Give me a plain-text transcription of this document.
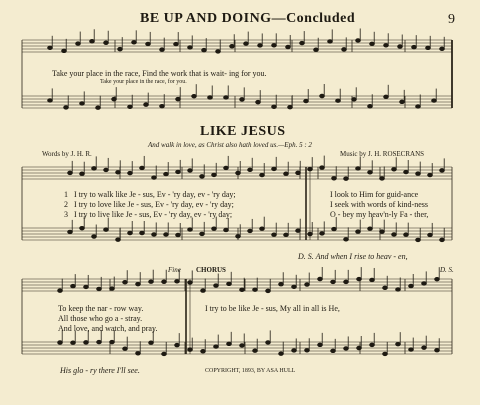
BE UP AND DOING—Concluded	9
Take your place in the race, Find the work that is wait- ing for you.
Take your place in the race, for you.
LIKE JESUS
And walk in love, as Christ also hath loved us.—Eph. 5 : 2
Words by J. H. R.	Music by J. H. ROSECRANS
1 I try to walk like Je - sus, Ev - 'ry day, ev - 'ry day;
2 I try to love like Je - sus, Ev - 'ry day, ev - 'ry day;
3 I try to live like Je - sus, Ev - 'ry day, ev - 'ry day;
I look to Him for guid-ance
I seek with words of kind-ness
O - bey my heav'n-ly Fa - ther,
D. S. And when I rise to heav - en,
Fine CHORUS	D. S.
To keep the nar - row way.
All those who go a - stray.
And love, and watch, and pray.
I try to be like Je - sus, My all in all is He,
His glo - ry there I'll see.	COPYRIGHT, 1893, BY ASA HULL
